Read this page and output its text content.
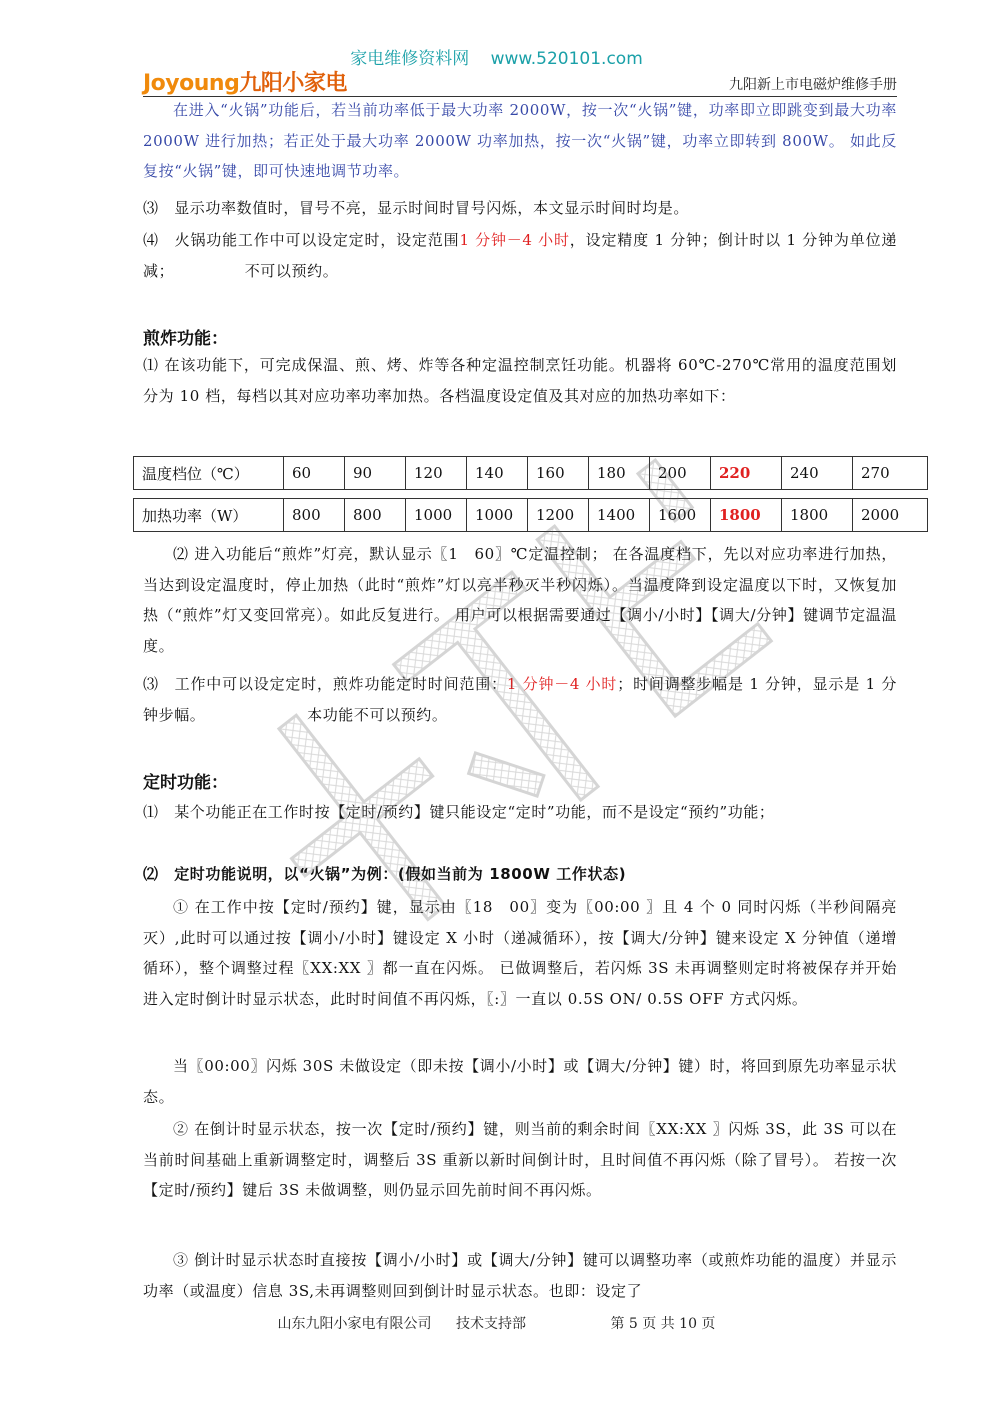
家电维修资料网 www.520101.com
Joyoung九阳小家电	九阳新上市电磁炉维修手册

在进入“火锅”功能后，若当前功率低于最大功率 2000W，按一次“火锅”键，功率即立即跳变到最大功率 2000W 进行加热；若正处于最大功率 2000W 功率加热，按一次“火锅”键，功率立即转到 800W。 如此反复按“火锅”键，即可快速地调节功率。

⑶　显示功率数值时，冒号不亮，显示时间时冒号闪烁，本文显示时间时均是。

⑷　火锅功能工作中可以设定定时，设定范围1 分钟－4 小时，设定精度 1 分钟；倒计时以 1 分钟为单位递减；　　　　　不可以预约。

煎炸功能：

⑴ 在该功能下，可完成保温、煎、烤、炸等各种定温控制烹饪功能。机器将 60℃-270℃常用的温度范围划分为 10 档，每档以其对应功率功率加热。各档温度设定值及其对应的加热功率如下：

温度档位（℃）	60	90	120	140	160	180	200	220	240	270

加热功率（W）	800	800	1000	1000	1200	1400	1600	1800	1800	2000

⑵ 进入功能后“煎炸”灯亮，默认显示〖1　60〗℃定温控制； 在各温度档下，先以对应功率进行加热，当达到设定温度时，停止加热（此时“煎炸”灯以亮半秒灭半秒闪烁）。当温度降到设定温度以下时，又恢复加热（“煎炸”灯又变回常亮）。如此反复进行。 用户可以根据需要通过【调小/小时】【调大/分钟】键调节定温温度。

⑶　工作中可以设定定时，煎炸功能定时时间范围：1 分钟－4 小时；时间调整步幅是 1 分钟，显示是 1 分钟步幅。　　　　　　　本功能不可以预约。

定时功能：

⑴　某个功能正在工作时按【定时/预约】键只能设定“定时”功能，而不是设定“预约”功能；

⑵　定时功能说明，以“火锅”为例：(假如当前为 1800W 工作状态)

① 在工作中按【定时/预约】键，显示由〖18　00〗变为〖00:00 〗且 4 个 0 同时闪烁（半秒间隔亮灭）,此时可以通过按【调小/小时】键设定 X 小时（递减循环），按【调大/分钟】键来设定 X 分钟值（递增循环），整个调整过程〖XX:XX 〗都一直在闪烁。 已做调整后，若闪烁 3S 未再调整则定时将被保存并开始进入定时倒计时显示状态，此时时间值不再闪烁，〖:〗一直以 0.5S ON/ 0.5S OFF 方式闪烁。

当〖00:00〗闪烁 30S 未做设定（即未按【调小/小时】或【调大/分钟】键）时，将回到原先功率显示状态。

② 在倒计时显示状态，按一次【定时/预约】键，则当前的剩余时间〖XX:XX 〗闪烁 3S，此 3S 可以在当前时间基础上重新调整定时，调整后 3S 重新以新时间倒计时，且时间值不再闪烁（除了冒号）。 若按一次【定时/预约】键后 3S 未做调整，则仍显示回先前时间不再闪烁。

③ 倒计时显示状态时直接按【调小/小时】或【调大/分钟】键可以调整功率（或煎炸功能的温度）并显示功率（或温度）信息 3S,未再调整则回到倒计时显示状态。也即：设定了

山东九阳小家电有限公司 技术支持部	第 5 页 共 10 页
